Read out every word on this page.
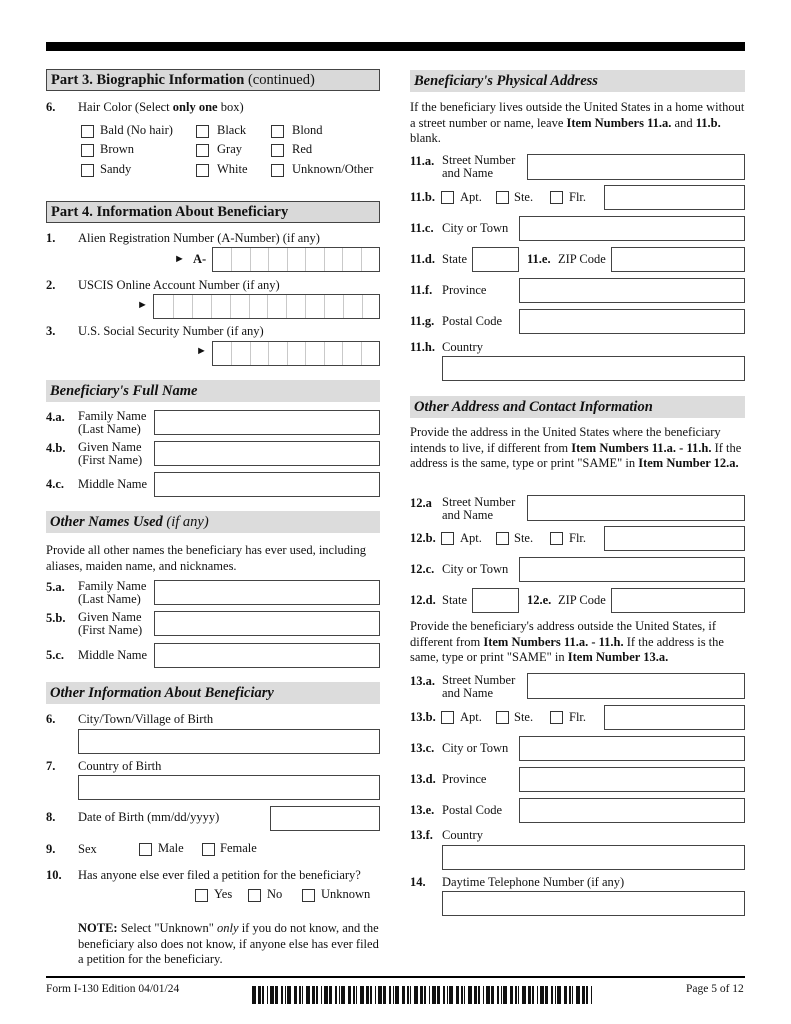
Part 3. Biographic Information (continued)
6. Hair Color (Select only one box)
Bald (No hair)	Black	Blond
Brown	Gray	Red
Sandy	White	Unknown/Other
Part 4. Information About Beneficiary
1. Alien Registration Number (A-Number) (if any)
► A-
2. USCIS Online Account Number (if any)
►
3. U.S. Social Security Number (if any)
►
Beneficiary's Full Name
4.a. Family Name
(Last Name)
4.b. Given Name
(First Name)
4.c. Middle Name
Other Names Used (if any)
Provide all other names the beneficiary has ever used, including aliases, maiden name, and nicknames.
5.a. Family Name
(Last Name)
5.b. Given Name
(First Name)
5.c. Middle Name
Other Information About Beneficiary
6. City/Town/Village of Birth
7. Country of Birth
8. Date of Birth (mm/dd/yyyy)
9. Sex	Male	Female
10. Has anyone else ever filed a petition for the beneficiary?
Yes	No	Unknown
NOTE: Select "Unknown" only if you do not know, and the beneficiary also does not know, if anyone else has ever filed a petition for the beneficiary.
Beneficiary's Physical Address
If the beneficiary lives outside the United States in a home without a street number or name, leave Item Numbers 11.a. and 11.b. blank.
11.a. Street Number
and Name
11.b. Apt.	Ste.	Flr.
11.c. City or Town
11.d. State	11.e. ZIP Code
11.f. Province
11.g. Postal Code
11.h. Country
Other Address and Contact Information
Provide the address in the United States where the beneficiary intends to live, if different from Item Numbers 11.a. - 11.h. If the address is the same, type or print "SAME" in Item Number 12.a.
12.a Street Number
and Name
12.b. Apt.	Ste.	Flr.
12.c. City or Town
12.d. State	12.e. ZIP Code
Provide the beneficiary's address outside the United States, if different from Item Numbers 11.a. - 11.h. If the address is the same, type or print "SAME" in Item Number 13.a.
13.a. Street Number
and Name
13.b. Apt.	Ste.	Flr.
13.c. City or Town
13.d. Province
13.e. Postal Code
13.f. Country
14. Daytime Telephone Number (if any)
Form I-130 Edition 04/01/24	Page 5 of 12
